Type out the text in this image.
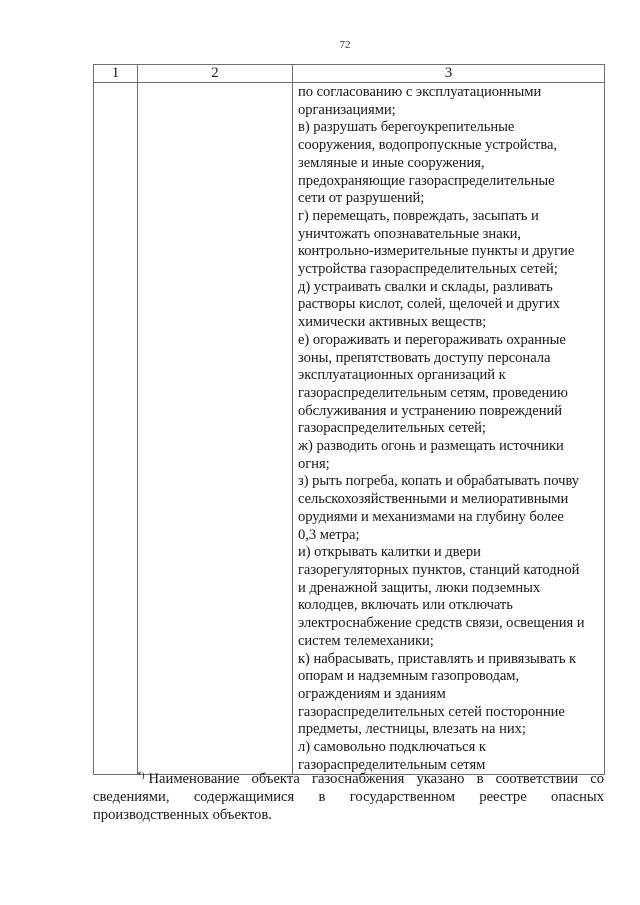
72
1	2	3

по согласованию с эксплуатационными
организациями;
в) разрушать берегоукрепительные
сооружения, водопропускные устройства,
земляные и иные сооружения,
предохраняющие газораспределительные
сети от разрушений;
г) перемещать, повреждать, засыпать и
уничтожать опознавательные знаки,
контрольно-измерительные пункты и другие
устройства газораспределительных сетей;
д) устраивать свалки и склады, разливать
растворы кислот, солей, щелочей и других
химически активных веществ;
е) огораживать и перегораживать охранные
зоны, препятствовать доступу персонала
эксплуатационных организаций к
газораспределительным сетям, проведению
обслуживания и устранению повреждений
газораспределительных сетей;
ж) разводить огонь и размещать источники
огня;
з) рыть погреба, копать и обрабатывать почву
сельскохозяйственными и мелиоративными
орудиями и механизмами на глубину более
0,3 метра;
и) открывать калитки и двери
газорегуляторных пунктов, станций катодной
и дренажной защиты, люки подземных
колодцев, включать или отключать
электроснабжение средств связи, освещения и
систем телемеханики;
к) набрасывать, приставлять и привязывать к
опорам и надземным газопроводам,
ограждениям и зданиям
газораспределительных сетей посторонние
предметы, лестницы, влезать на них;
л) самовольно подключаться к
газораспределительным сетям
*) Наименование объекта газоснабжения указано в соответствии со
сведениями, содержащимися в государственном реестре опасных
производственных объектов.
